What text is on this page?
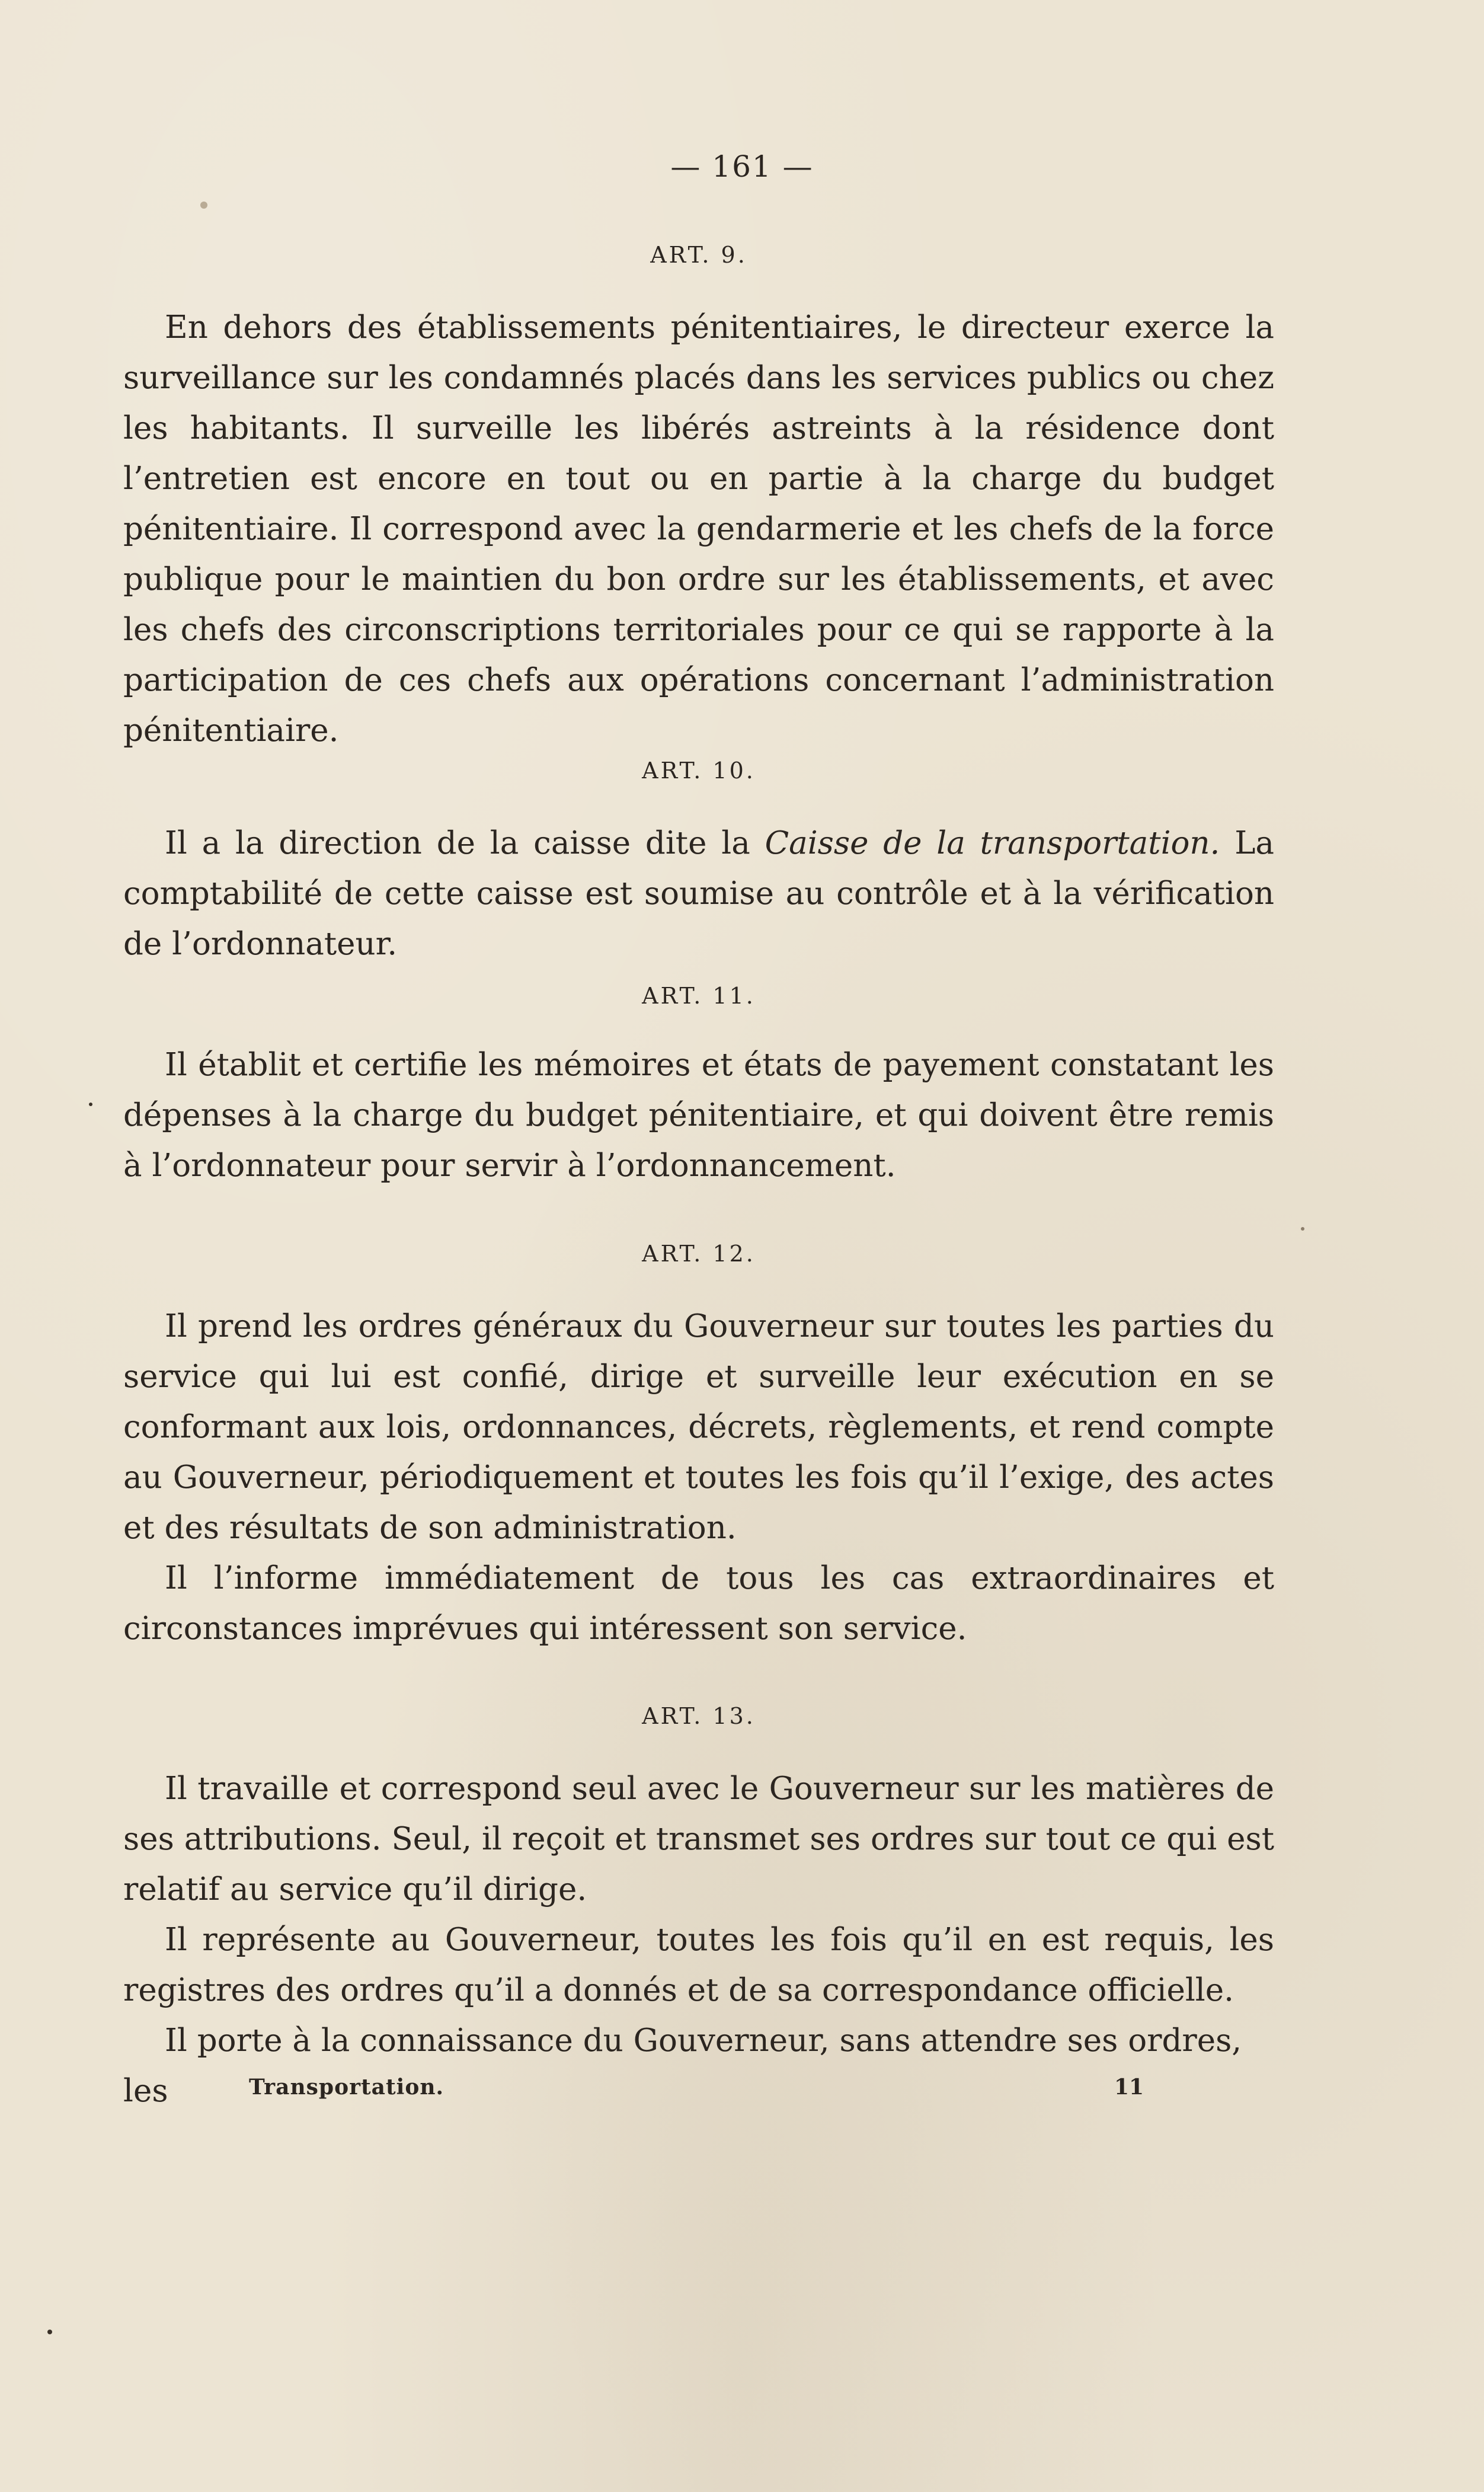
— 161 —

ART. 9.

En dehors des établissements pénitentiaires, le directeur exerce la surveillance sur les condamnés placés dans les services publics ou chez les habitants. Il surveille les libérés astreints à la résidence dont l’entretien est encore en tout ou en partie à la charge du budget pénitentiaire. Il correspond avec la gendarmerie et les chefs de la force publique pour le maintien du bon ordre sur les établissements, et avec les chefs des circonscriptions territoriales pour ce qui se rapporte à la participation de ces chefs aux opérations concernant l’administration pénitentiaire.

ART. 10.

Il a la direction de la caisse dite la Caisse de la transportation. La comptabilité de cette caisse est soumise au contrôle et à la vérification de l’ordonnateur.

ART. 11.

Il établit et certifie les mémoires et états de payement constatant les dépenses à la charge du budget pénitentiaire, et qui doivent être remis à l’ordonnateur pour servir à l’ordonnancement.

ART. 12.

Il prend les ordres généraux du Gouverneur sur toutes les parties du service qui lui est confié, dirige et surveille leur exécution en se conformant aux lois, ordonnances, décrets, règlements, et rend compte au Gouverneur, périodiquement et toutes les fois qu’il l’exige, des actes et des résultats de son administration.

Il l’informe immédiatement de tous les cas extraordinaires et circonstances imprévues qui intéressent son service.

ART. 13.

Il travaille et correspond seul avec le Gouverneur sur les matières de ses attributions. Seul, il reçoit et transmet ses ordres sur tout ce qui est relatif au service qu’il dirige.

Il représente au Gouverneur, toutes les fois qu’il en est requis, les registres des ordres qu’il a donnés et de sa correspondance officielle.

Il porte à la connaissance du Gouverneur, sans attendre ses ordres, les	Transportation.	11
